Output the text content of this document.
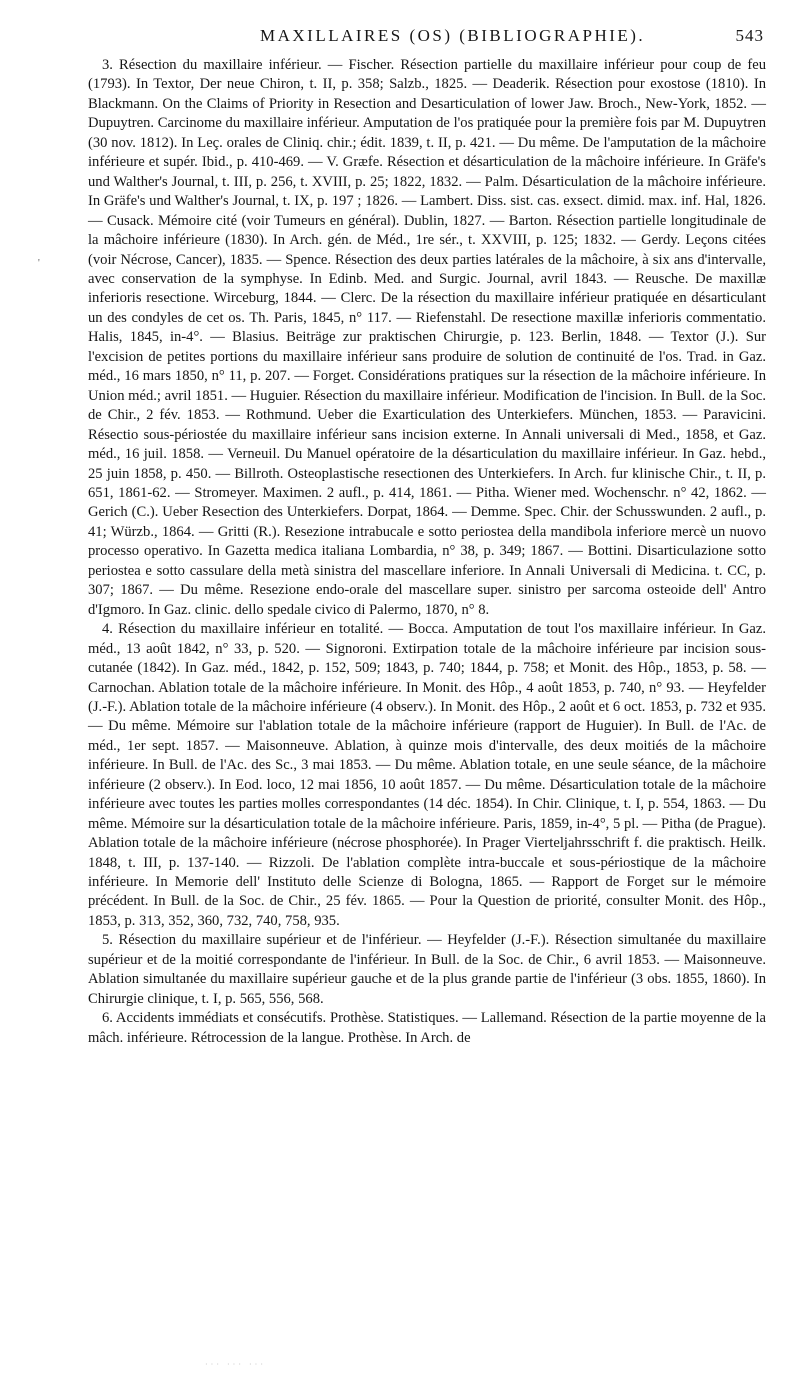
MAXILLAIRES (OS) (BIBLIOGRAPHIE).	543

3. Résection du maxillaire inférieur. — Fischer. Résection partielle du maxillaire inférieur pour coup de feu (1793). In Textor, Der neue Chiron, t. II, p. 358; Salzb., 1825. — Deaderik. Résection pour exostose (1810). In Blackmann. On the Claims of Priority in Resection and Desarticulation of lower Jaw. Broch., New-York, 1852. — Dupuytren. Carcinome du maxillaire inférieur. Amputation de l'os pratiquée pour la première fois par M. Dupuytren (30 nov. 1812). In Leç. orales de Cliniq. chir.; édit. 1839, t. II, p. 421. — Du même. De l'amputation de la mâchoire inférieure et supér. Ibid., p. 410-469. — V. Græfe. Résection et désarticulation de la mâchoire inférieure. In Gräfe's und Walther's Journal, t. III, p. 256, t. XVIII, p. 25; 1822, 1832. — Palm. Désarticulation de la mâchoire inférieure. In Gräfe's und Walther's Journal, t. IX, p. 197 ; 1826. — Lambert. Diss. sist. cas. exsect. dimid. max. inf. Hal, 1826. — Cusack. Mémoire cité (voir Tumeurs en général). Dublin, 1827. — Barton. Résection partielle longitudinale de la mâchoire inférieure (1830). In Arch. gén. de Méd., 1re sér., t. XXVIII, p. 125; 1832. — Gerdy. Leçons citées (voir Nécrose, Cancer), 1835. — Spence. Résection des deux parties latérales de la mâchoire, à six ans d'intervalle, avec conservation de la symphyse. In Edinb. Med. and Surgic. Journal, avril 1843. — Reusche. De maxillæ inferioris resectione. Wirceburg, 1844. — Clerc. De la résection du maxillaire inférieur pratiquée en désarticulant un des condyles de cet os. Th. Paris, 1845, n° 117. — Riefenstahl. De resectione maxillæ inferioris commentatio. Halis, 1845, in-4°. — Blasius. Beiträge zur praktischen Chirurgie, p. 123. Berlin, 1848. — Textor (J.). Sur l'excision de petites portions du maxillaire inférieur sans produire de solution de continuité de l'os. Trad. in Gaz. méd., 16 mars 1850, n° 11, p. 207. — Forget. Considérations pratiques sur la résection de la mâchoire inférieure. In Union méd.; avril 1851. — Huguier. Résection du maxillaire inférieur. Modification de l'incision. In Bull. de la Soc. de Chir., 2 fév. 1853. — Rothmund. Ueber die Exarticulation des Unterkiefers. München, 1853. — Paravicini. Résectio sous-périostée du maxillaire inférieur sans incision externe. In Annali universali di Med., 1858, et Gaz. méd., 16 juil. 1858. — Verneuil. Du Manuel opératoire de la désarticulation du maxillaire inférieur. In Gaz. hebd., 25 juin 1858, p. 450. — Billroth. Osteoplastische resectionen des Unterkiefers. In Arch. fur klinische Chir., t. II, p. 651, 1861-62. — Stromeyer. Maximen. 2 aufl., p. 414, 1861. — Pitha. Wiener med. Wochenschr. n° 42, 1862. — Gerich (C.). Ueber Resection des Unterkiefers. Dorpat, 1864. — Demme. Spec. Chir. der Schusswunden. 2 aufl., p. 41; Würzb., 1864. — Gritti (R.). Resezione intrabucale e sotto periostea della mandibola inferiore mercè un nuovo processo operativo. In Gazetta medica italiana Lombardia, n° 38, p. 349; 1867. — Bottini. Disarticulazione sotto periostea e sotto cassulare della metà sinistra del mascellare inferiore. In Annali Universali di Medicina. t. CC, p. 307; 1867. — Du même. Resezione endo-orale del mascellare super. sinistro per sarcoma osteoide dell' Antro d'Igmoro. In Gaz. clinic. dello spedale civico di Palermo, 1870, n° 8.

4. Résection du maxillaire inférieur en totalité. — Bocca. Amputation de tout l'os maxillaire inférieur. In Gaz. méd., 13 août 1842, n° 33, p. 520. — Signoroni. Extirpation totale de la mâchoire inférieure par incision sous-cutanée (1842). In Gaz. méd., 1842, p. 152, 509; 1843, p. 740; 1844, p. 758; et Monit. des Hôp., 1853, p. 58. — Carnochan. Ablation totale de la mâchoire inférieure. In Monit. des Hôp., 4 août 1853, p. 740, n° 93. — Heyfelder (J.-F.). Ablation totale de la mâchoire inférieure (4 observ.). In Monit. des Hôp., 2 août et 6 oct. 1853, p. 732 et 935. — Du même. Mémoire sur l'ablation totale de la mâchoire inférieure (rapport de Huguier). In Bull. de l'Ac. de méd., 1er sept. 1857. — Maisonneuve. Ablation, à quinze mois d'intervalle, des deux moitiés de la mâchoire inférieure. In Bull. de l'Ac. des Sc., 3 mai 1853. — Du même. Ablation totale, en une seule séance, de la mâchoire inférieure (2 observ.). In Eod. loco, 12 mai 1856, 10 août 1857. — Du même. Désarticulation totale de la mâchoire inférieure avec toutes les parties molles correspondantes (14 déc. 1854). In Chir. Clinique, t. I, p. 554, 1863. — Du même. Mémoire sur la désarticulation totale de la mâchoire inférieure. Paris, 1859, in-4°, 5 pl. — Pitha (de Prague). Ablation totale de la mâchoire inférieure (nécrose phosphorée). In Prager Vierteljahrsschrift f. die praktisch. Heilk. 1848, t. III, p. 137-140. — Rizzoli. De l'ablation complète intra-buccale et sous-périostique de la mâchoire inférieure. In Memorie dell' Instituto delle Scienze di Bologna, 1865. — Rapport de Forget sur le mémoire précédent. In Bull. de la Soc. de Chir., 25 fév. 1865. — Pour la Question de priorité, consulter Monit. des Hôp., 1853, p. 313, 352, 360, 732, 740, 758, 935.

5. Résection du maxillaire supérieur et de l'inférieur. — Heyfelder (J.-F.). Résection simultanée du maxillaire supérieur et de la moitié correspondante de l'inférieur. In Bull. de la Soc. de Chir., 6 avril 1853. — Maisonneuve. Ablation simultanée du maxillaire supérieur gauche et de la plus grande partie de l'inférieur (3 obs. 1855, 1860). In Chirurgie clinique, t. I, p. 565, 556, 568.

6. Accidents immédiats et consécutifs. Prothèse. Statistiques. — Lallemand. Résection de la partie moyenne de la mâch. inférieure. Rétrocession de la langue. Prothèse. In Arch. de

'
··· ··· ···
